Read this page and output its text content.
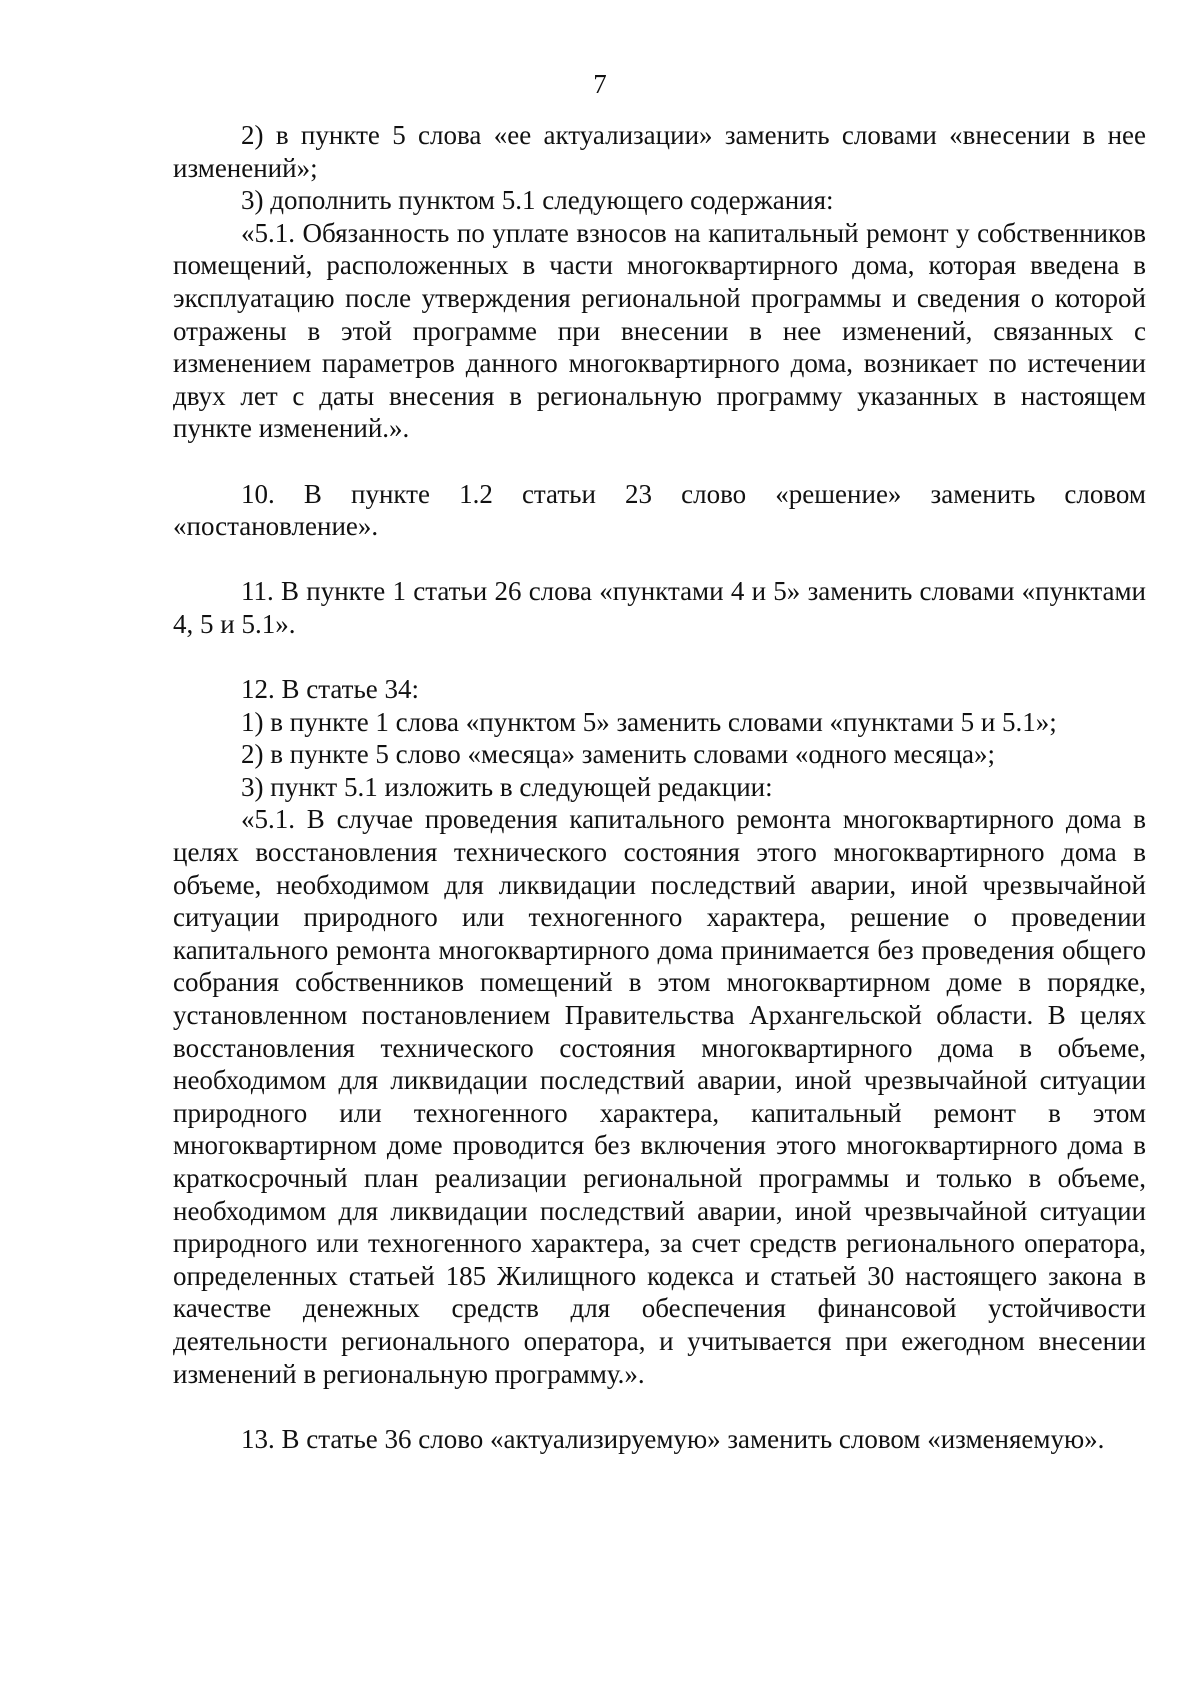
7

2) в пункте 5 слова «ее актуализации» заменить словами «внесении в нее изменений»;

3) дополнить пунктом 5.1 следующего содержания:

«5.1. Обязанность по уплате взносов на капитальный ремонт у собственников помещений, расположенных в части многоквартирного дома, которая введена в эксплуатацию после утверждения региональной программы и сведения о которой отражены в этой программе при внесении в нее изменений, связанных с изменением параметров данного многоквартирного дома, возникает по истечении двух лет с даты внесения в региональную программу указанных в настоящем пункте изменений.».

10. В пункте 1.2 статьи 23 слово «решение» заменить словом «постановление».

11. В пункте 1 статьи 26 слова «пунктами 4 и 5» заменить словами «пунктами 4, 5 и 5.1».

12. В статье 34:

1) в пункте 1 слова «пунктом 5» заменить словами «пунктами 5 и 5.1»;

2) в пункте 5 слово «месяца» заменить словами «одного месяца»;

3) пункт 5.1 изложить в следующей редакции:

«5.1. В случае проведения капитального ремонта многоквартирного дома в целях восстановления технического состояния этого многоквартирного дома в объеме, необходимом для ликвидации последствий аварии, иной чрезвычайной ситуации природного или техногенного характера, решение о проведении капитального ремонта многоквартирного дома принимается без проведения общего собрания собственников помещений в этом многоквартирном доме в порядке, установленном постановлением Правительства Архангельской области. В целях восстановления технического состояния многоквартирного дома в объеме, необходимом для ликвидации последствий аварии, иной чрезвычайной ситуации природного или техногенного характера, капитальный ремонт в этом многоквартирном доме проводится без включения этого многоквартирного дома в краткосрочный план реализации региональной программы и только в объеме, необходимом для ликвидации последствий аварии, иной чрезвычайной ситуации природного или техногенного характера, за счет средств регионального оператора, определенных статьей 185 Жилищного кодекса и статьей 30 настоящего закона в качестве денежных средств для обеспечения финансовой устойчивости деятельности регионального оператора, и учитывается при ежегодном внесении изменений в региональную программу.».

13. В статье 36 слово «актуализируемую» заменить словом «изменяемую».
